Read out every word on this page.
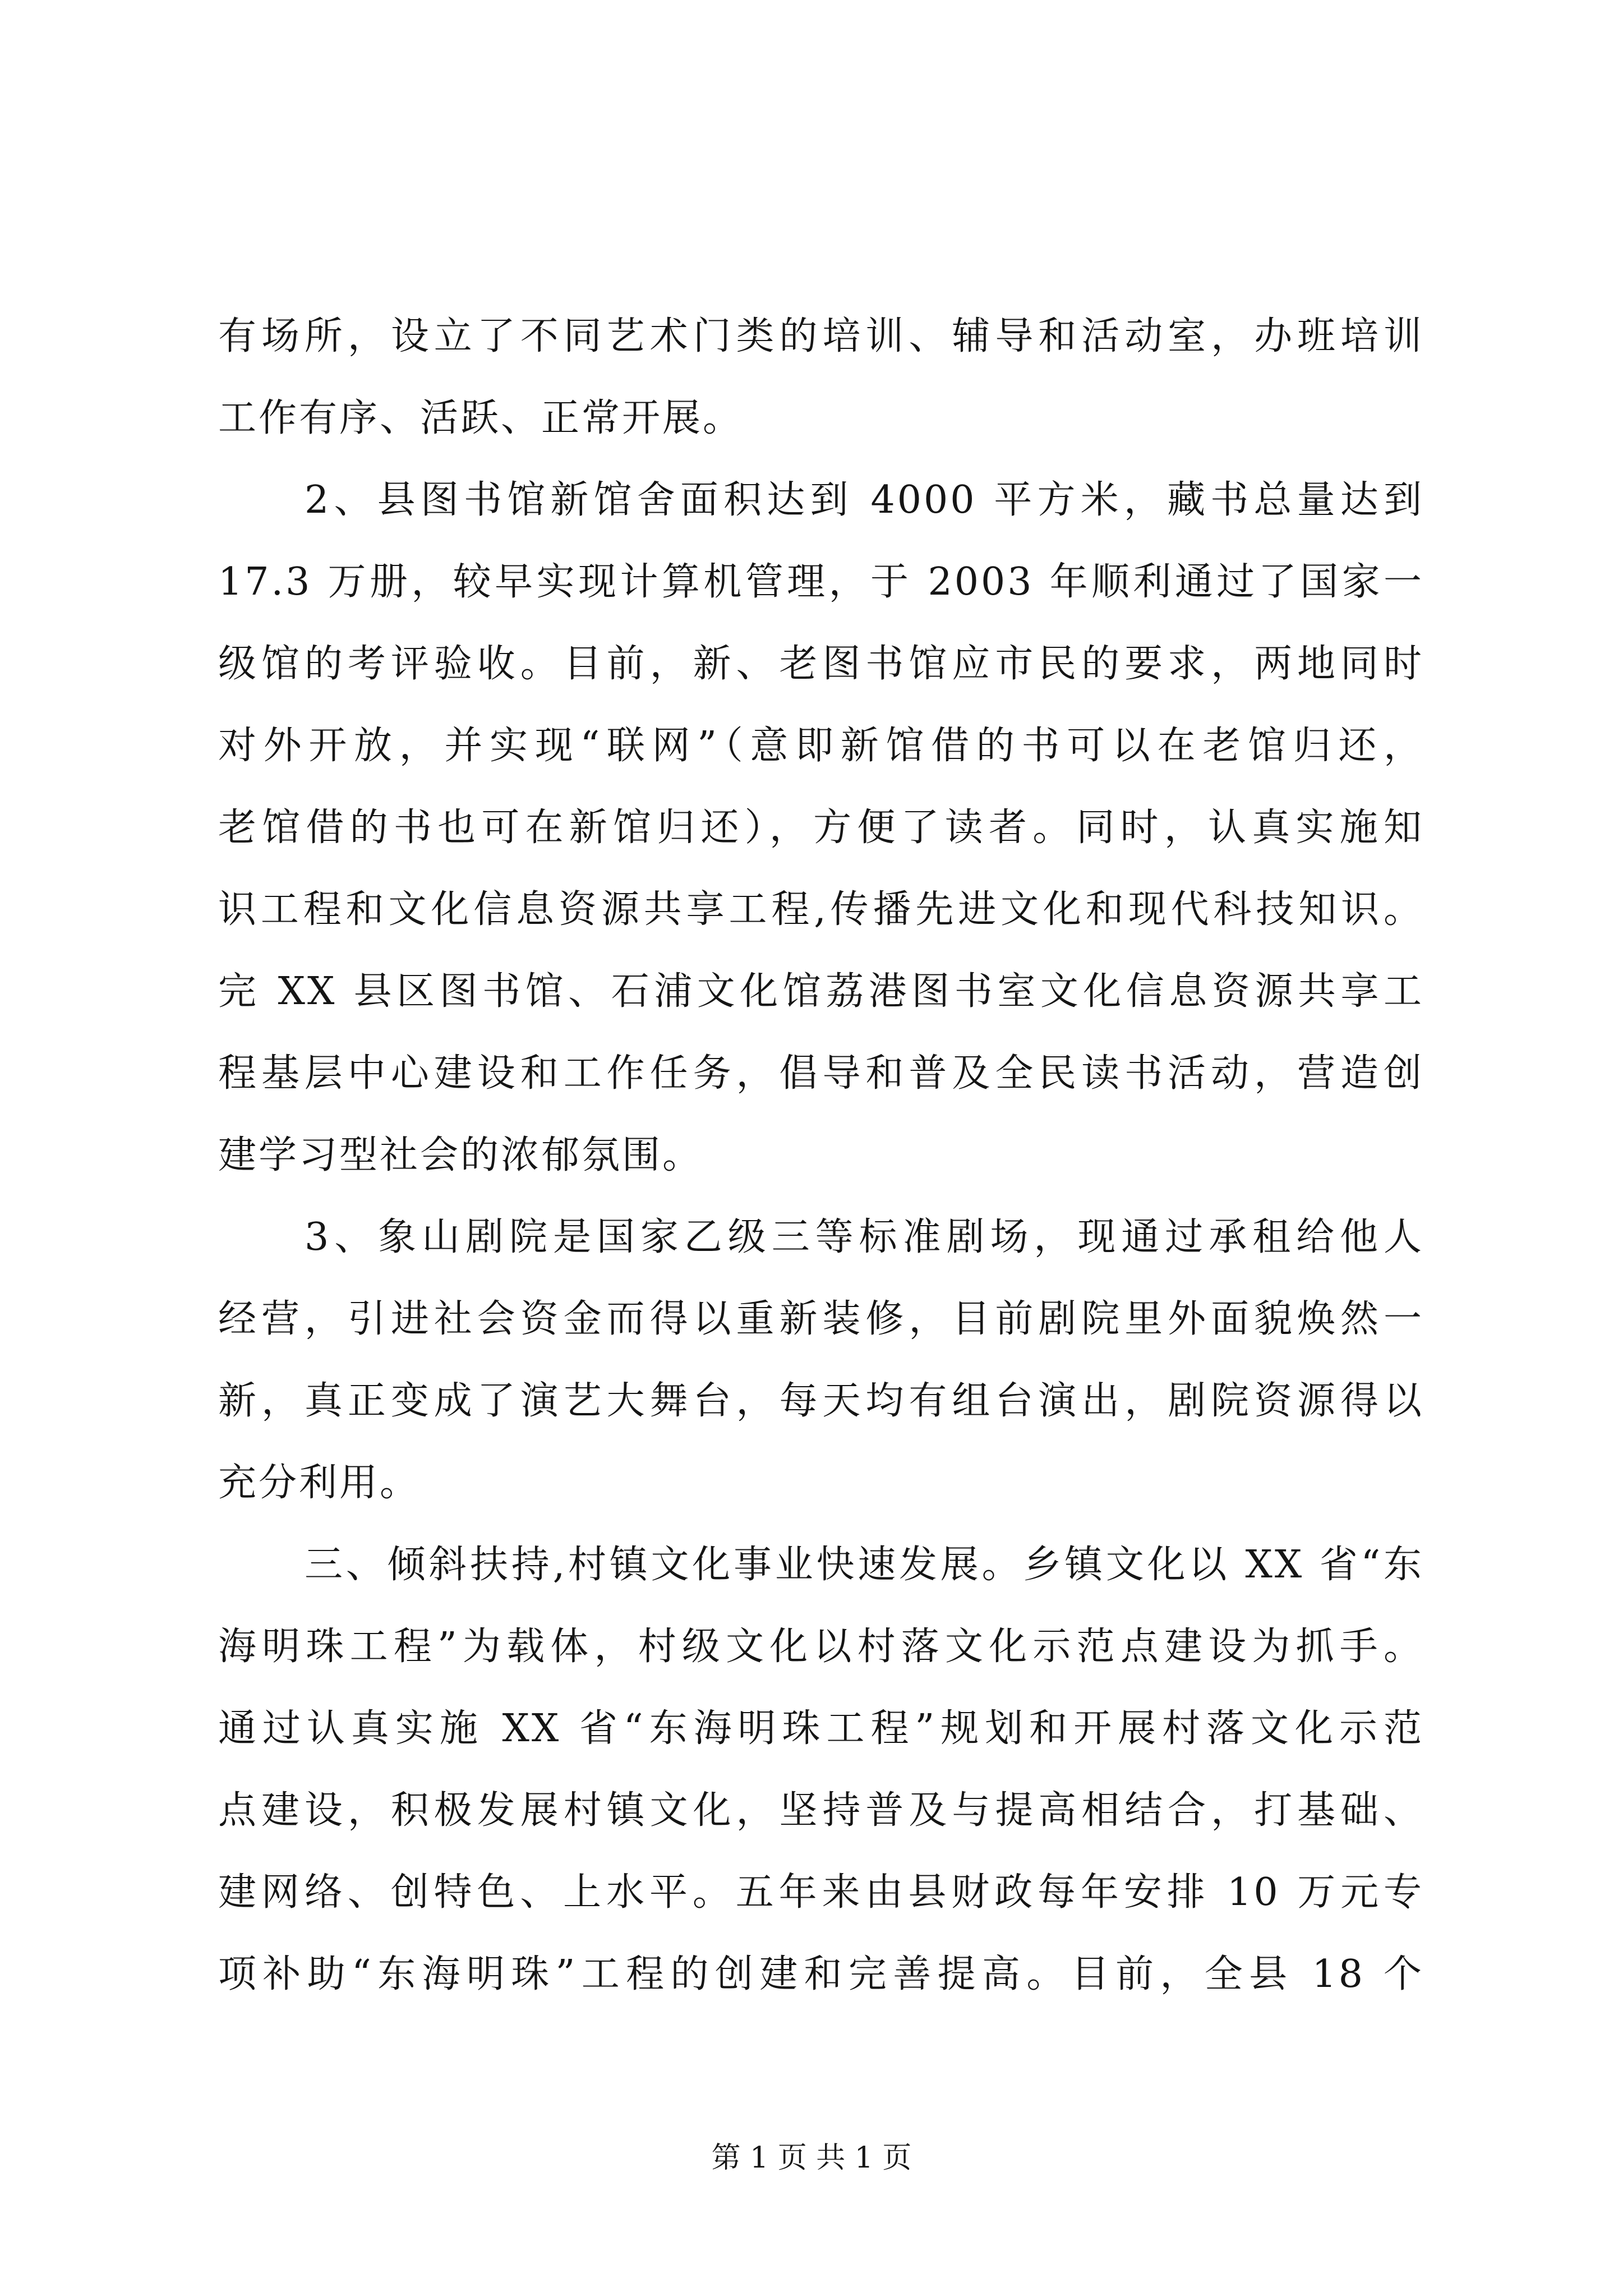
有场所，设立了不同艺术门类的培训、辅导和活动室，办班培训
工作有序、活跃、正常开展。
2、县图书馆新馆舍面积达到 4000 平方米，藏书总量达到
17.3 万册，较早实现计算机管理，于 2003 年顺利通过了国家一
级馆的考评验收。目前，新、老图书馆应市民的要求，两地同时
对外开放，并实现“联网”（意即新馆借的书可以在老馆归还，
老馆借的书也可在新馆归还），方便了读者。同时，认真实施知
识工程和文化信息资源共享工程,传播先进文化和现代科技知识。
完 XX 县区图书馆、石浦文化馆荔港图书室文化信息资源共享工
程基层中心建设和工作任务，倡导和普及全民读书活动，营造创
建学习型社会的浓郁氛围。
3、象山剧院是国家乙级三等标准剧场，现通过承租给他人
经营，引进社会资金而得以重新装修，目前剧院里外面貌焕然一
新，真正变成了演艺大舞台，每天均有组台演出，剧院资源得以
充分利用。
三、倾斜扶持,村镇文化事业快速发展。乡镇文化以 XX 省“东
海明珠工程”为载体，村级文化以村落文化示范点建设为抓手。
通过认真实施 XX 省“东海明珠工程”规划和开展村落文化示范
点建设，积极发展村镇文化，坚持普及与提高相结合，打基础、
建网络、创特色、上水平。五年来由县财政每年安排 10 万元专
项补助“东海明珠”工程的创建和完善提高。目前，全县 18 个
第 1 页 共 1 页
